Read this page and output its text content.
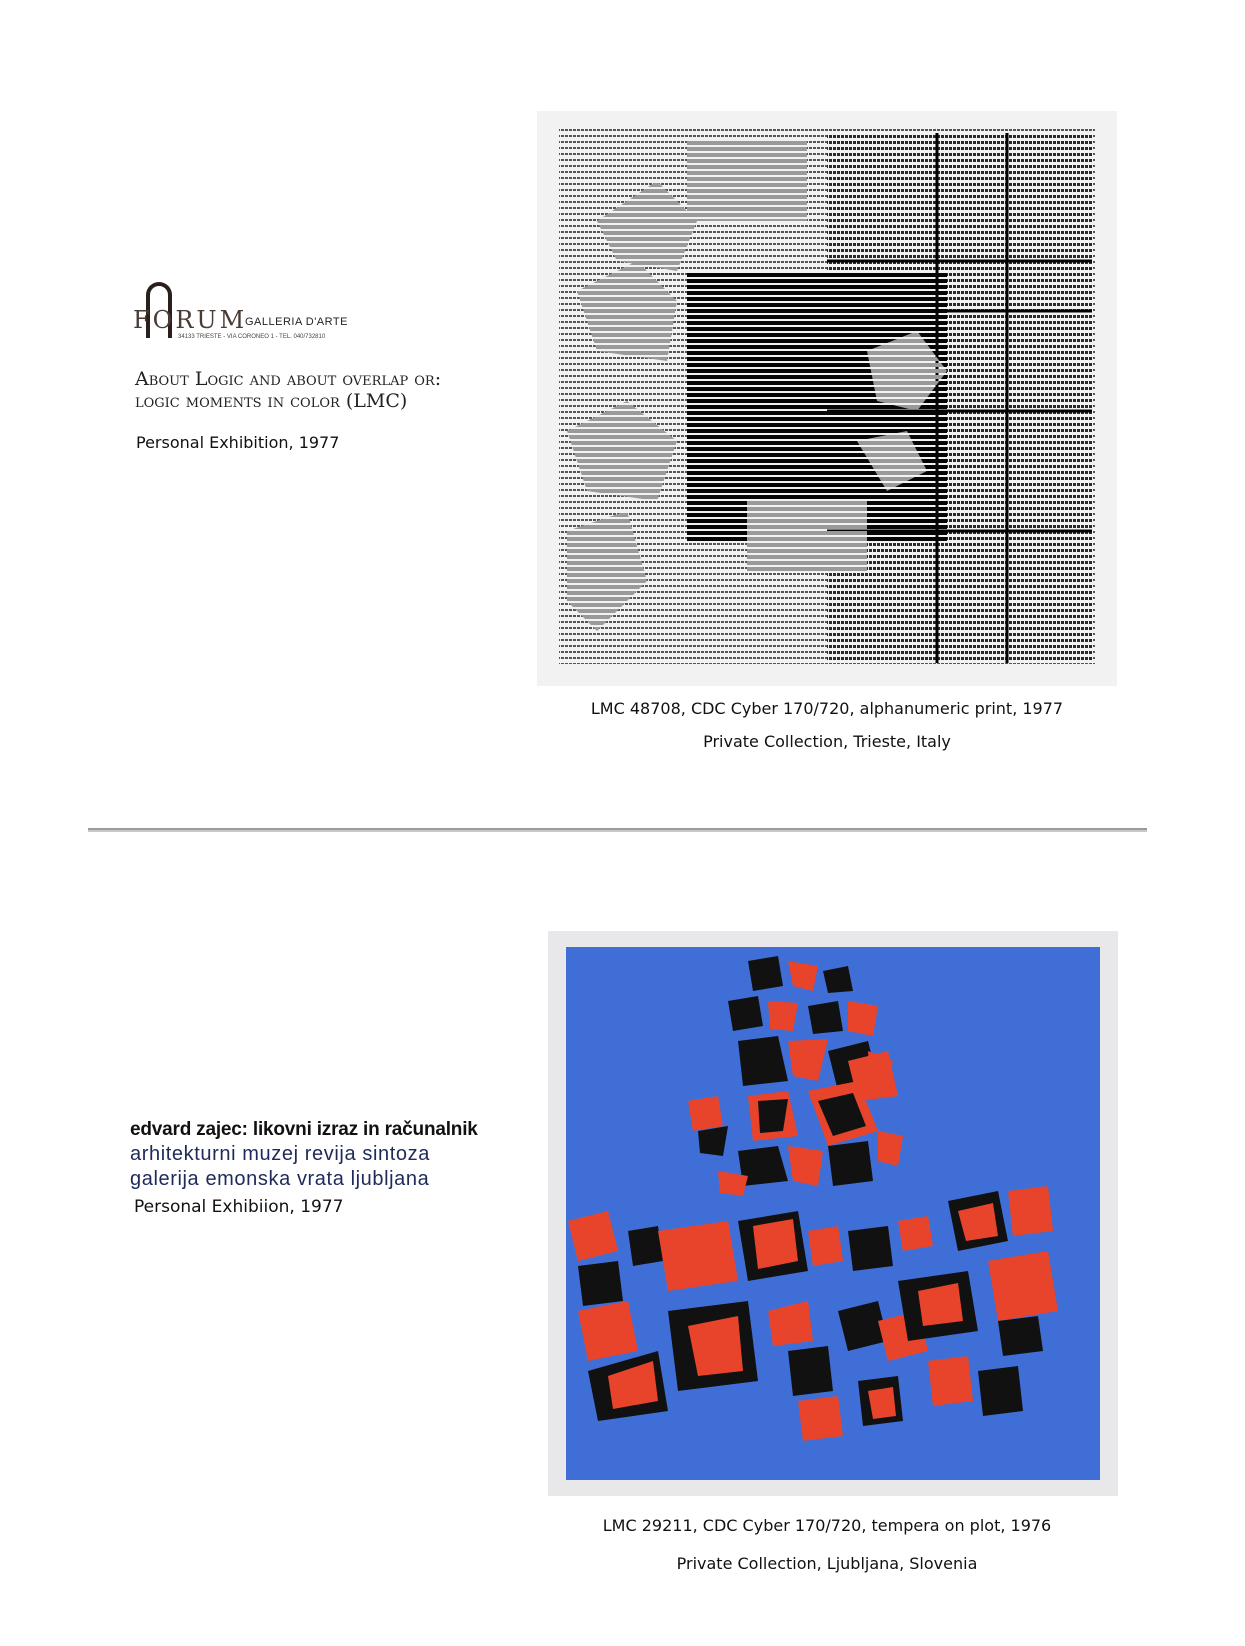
FORUM
GALLERIA D'ARTE
34133 TRIESTE - VIA CORONEO 1 - TEL. 040/732810
About Logic and about overlap or:
logic moments in color (LMC)

Personal Exhibition, 1977

LMC 48708, CDC Cyber 170/720, alphanumeric print, 1977

Private Collection, Trieste, Italy

edvard zajec: likovni izraz in računalnik

arhitekturni muzej revija sintoza

galerija emonska vrata ljubljana

Personal Exhibiion, 1977

LMC 29211, CDC Cyber 170/720, tempera on plot, 1976

Private Collection, Ljubljana, Slovenia
